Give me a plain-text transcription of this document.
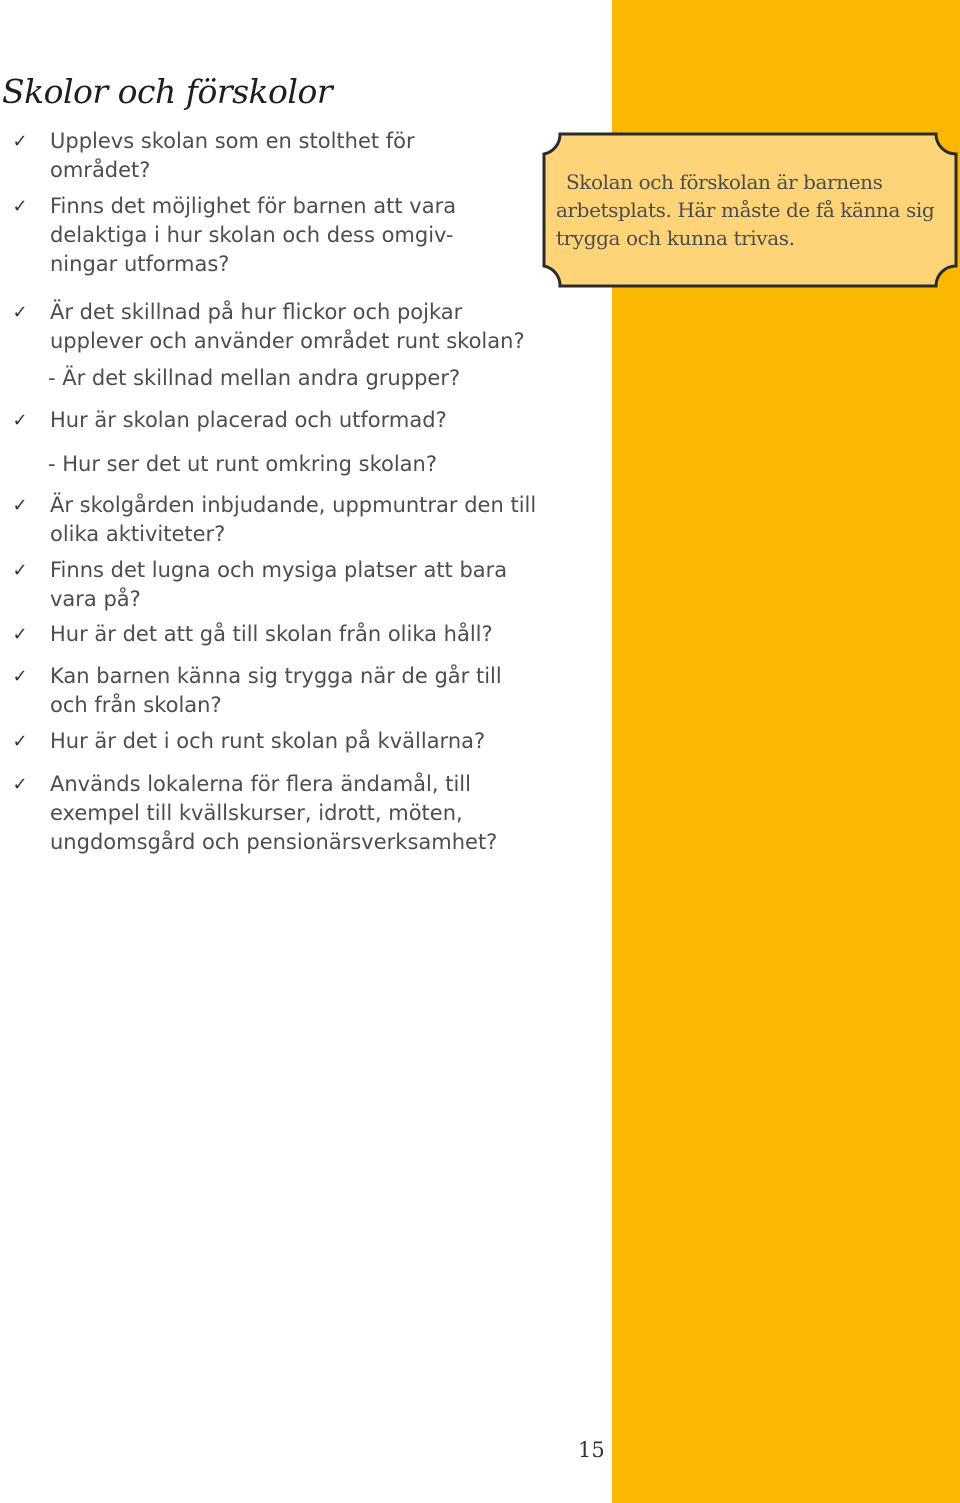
Skolor och förskolor
✓ Upplevs skolan som en stolthet för
området?
✓ Finns det möjlighet för barnen att vara
delaktiga i hur skolan och dess omgiv-
ningar utformas?
✓ Är det skillnad på hur flickor och pojkar
upplever och använder området runt skolan?
- Är det skillnad mellan andra grupper?
✓ Hur är skolan placerad och utformad?
- Hur ser det ut runt omkring skolan?
✓ Är skolgården inbjudande, uppmuntrar den till
olika aktiviteter?
✓ Finns det lugna och mysiga platser att bara
vara på?
✓ Hur är det att gå till skolan från olika håll?
✓ Kan barnen känna sig trygga när de går till
och från skolan?
✓ Hur är det i och runt skolan på kvällarna?
✓ Används lokalerna för flera ändamål, till
exempel till kvällskurser, idrott, möten,
ungdomsgård och pensionärsverksamhet?
Skolan och förskolan är barnens
arbetsplats. Här måste de få känna sig
trygga och kunna trivas.
15
